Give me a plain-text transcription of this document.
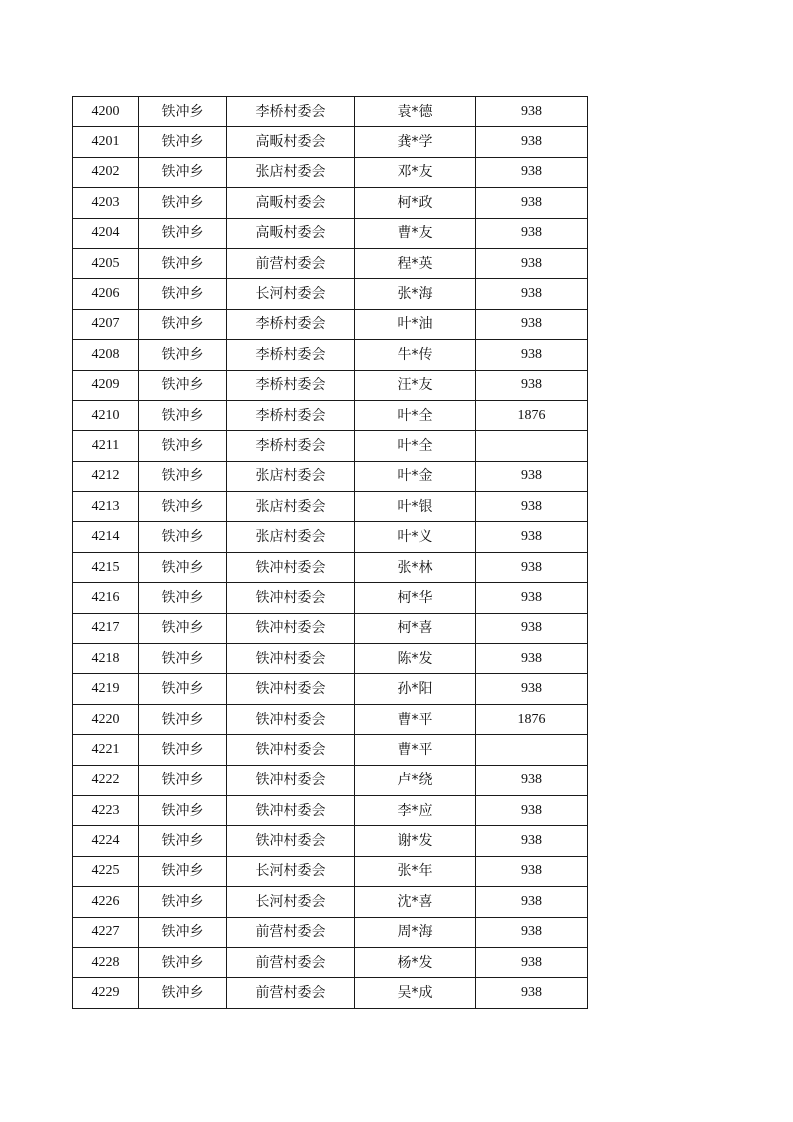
4200	铁冲乡	李桥村委会	袁*德	938
4201	铁冲乡	高畈村委会	龚*学	938
4202	铁冲乡	张店村委会	邓*友	938
4203	铁冲乡	高畈村委会	柯*政	938
4204	铁冲乡	高畈村委会	曹*友	938
4205	铁冲乡	前营村委会	程*英	938
4206	铁冲乡	长河村委会	张*海	938
4207	铁冲乡	李桥村委会	叶*油	938
4208	铁冲乡	李桥村委会	牛*传	938
4209	铁冲乡	李桥村委会	汪*友	938
4210	铁冲乡	李桥村委会	叶*全	1876
4211	铁冲乡	李桥村委会	叶*全	
4212	铁冲乡	张店村委会	叶*金	938
4213	铁冲乡	张店村委会	叶*银	938
4214	铁冲乡	张店村委会	叶*义	938
4215	铁冲乡	铁冲村委会	张*林	938
4216	铁冲乡	铁冲村委会	柯*华	938
4217	铁冲乡	铁冲村委会	柯*喜	938
4218	铁冲乡	铁冲村委会	陈*发	938
4219	铁冲乡	铁冲村委会	孙*阳	938
4220	铁冲乡	铁冲村委会	曹*平	1876
4221	铁冲乡	铁冲村委会	曹*平	
4222	铁冲乡	铁冲村委会	卢*绕	938
4223	铁冲乡	铁冲村委会	李*应	938
4224	铁冲乡	铁冲村委会	谢*发	938
4225	铁冲乡	长河村委会	张*年	938
4226	铁冲乡	长河村委会	沈*喜	938
4227	铁冲乡	前营村委会	周*海	938
4228	铁冲乡	前营村委会	杨*发	938
4229	铁冲乡	前营村委会	吴*成	938
